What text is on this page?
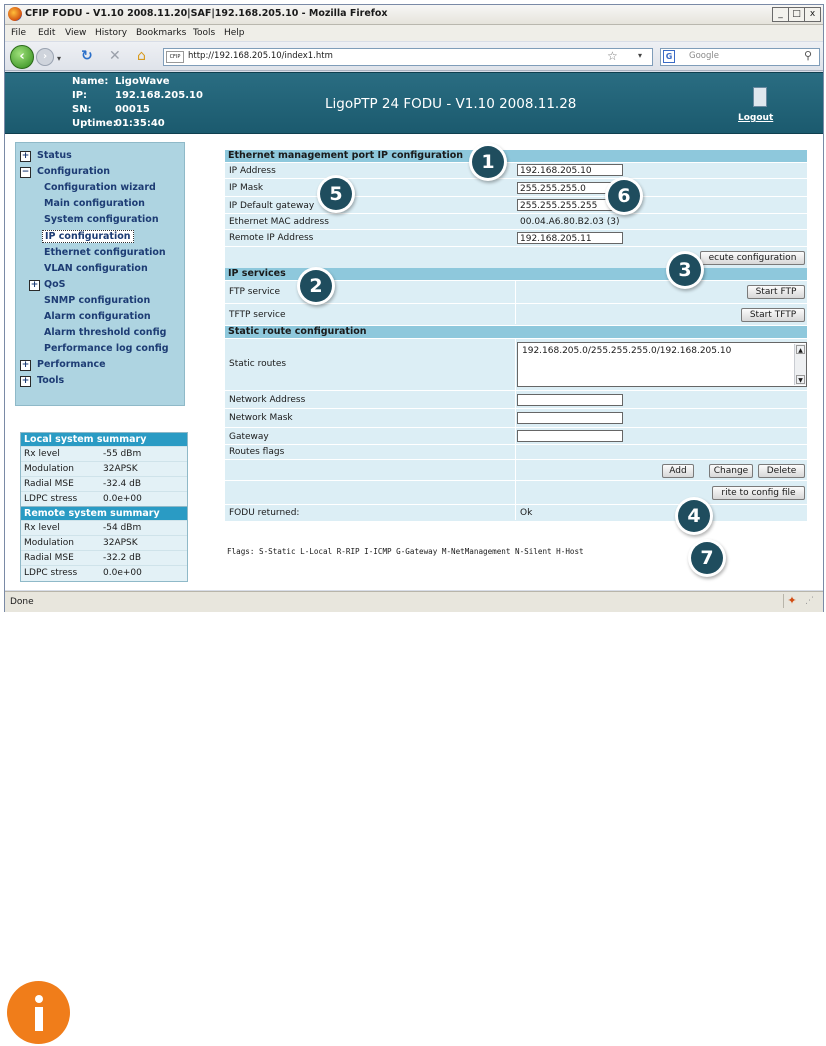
CFIP FODU - V1.10 2008.11.20|SAF|192.168.205.10 - Mozilla Firefox	_	□	x
File Edit View History Bookmarks Tools Help
‹	›	▾ ↻ ✕ ⌂	CFIP http://192.168.205.10/index1.htm	☆	▾	G	Google	⚲
Name: LigoWave
IP:	192.168.205.10
SN: 00015
Uptime:
01:35:40
LigoPTP 24 FODU - V1.10 2008.11.28
Logout
+ Status
− Configuration
Configuration wizard
Main configuration
System configuration
IP configuration
Ethernet configuration
VLAN configuration
+ QoS
SNMP configuration
Alarm configuration
Alarm threshold config
Performance log config
+ Performance
+ Tools
Local system summary
Rx level	-55 dBm
Modulation	32APSK
Radial MSE	-32.4 dB
LDPC stress	0.0e+00
Remote system summary
Rx level	-54 dBm
Modulation	32APSK
Radial MSE	-32.2 dB
LDPC stress	0.0e+00
Ethernet management port IP configuration
IP Address	192.168.205.10
IP Mask	255.255.255.0
IP Default gateway	255.255.255.255
Ethernet MAC address	00.04.A6.80.B2.03 (3)
Remote IP Address	192.168.205.11
ecute configuration
IP services
FTP service	Start FTP
TFTP service	Start TFTP
Static route configuration
Static routes
192.168.205.0/255.255.255.0/192.168.205.10	▲
▼
Network Address
Network Mask
Gateway
Routes flags
Add	Change	Delete
rite to config file
FODU returned:	Ok
Flags: S-Static L-Local R-RIP I-ICMP G-Gateway M-NetManagement N-Silent H-Host
1
2
3
4
5	6
7
Done	✦ ⋰
